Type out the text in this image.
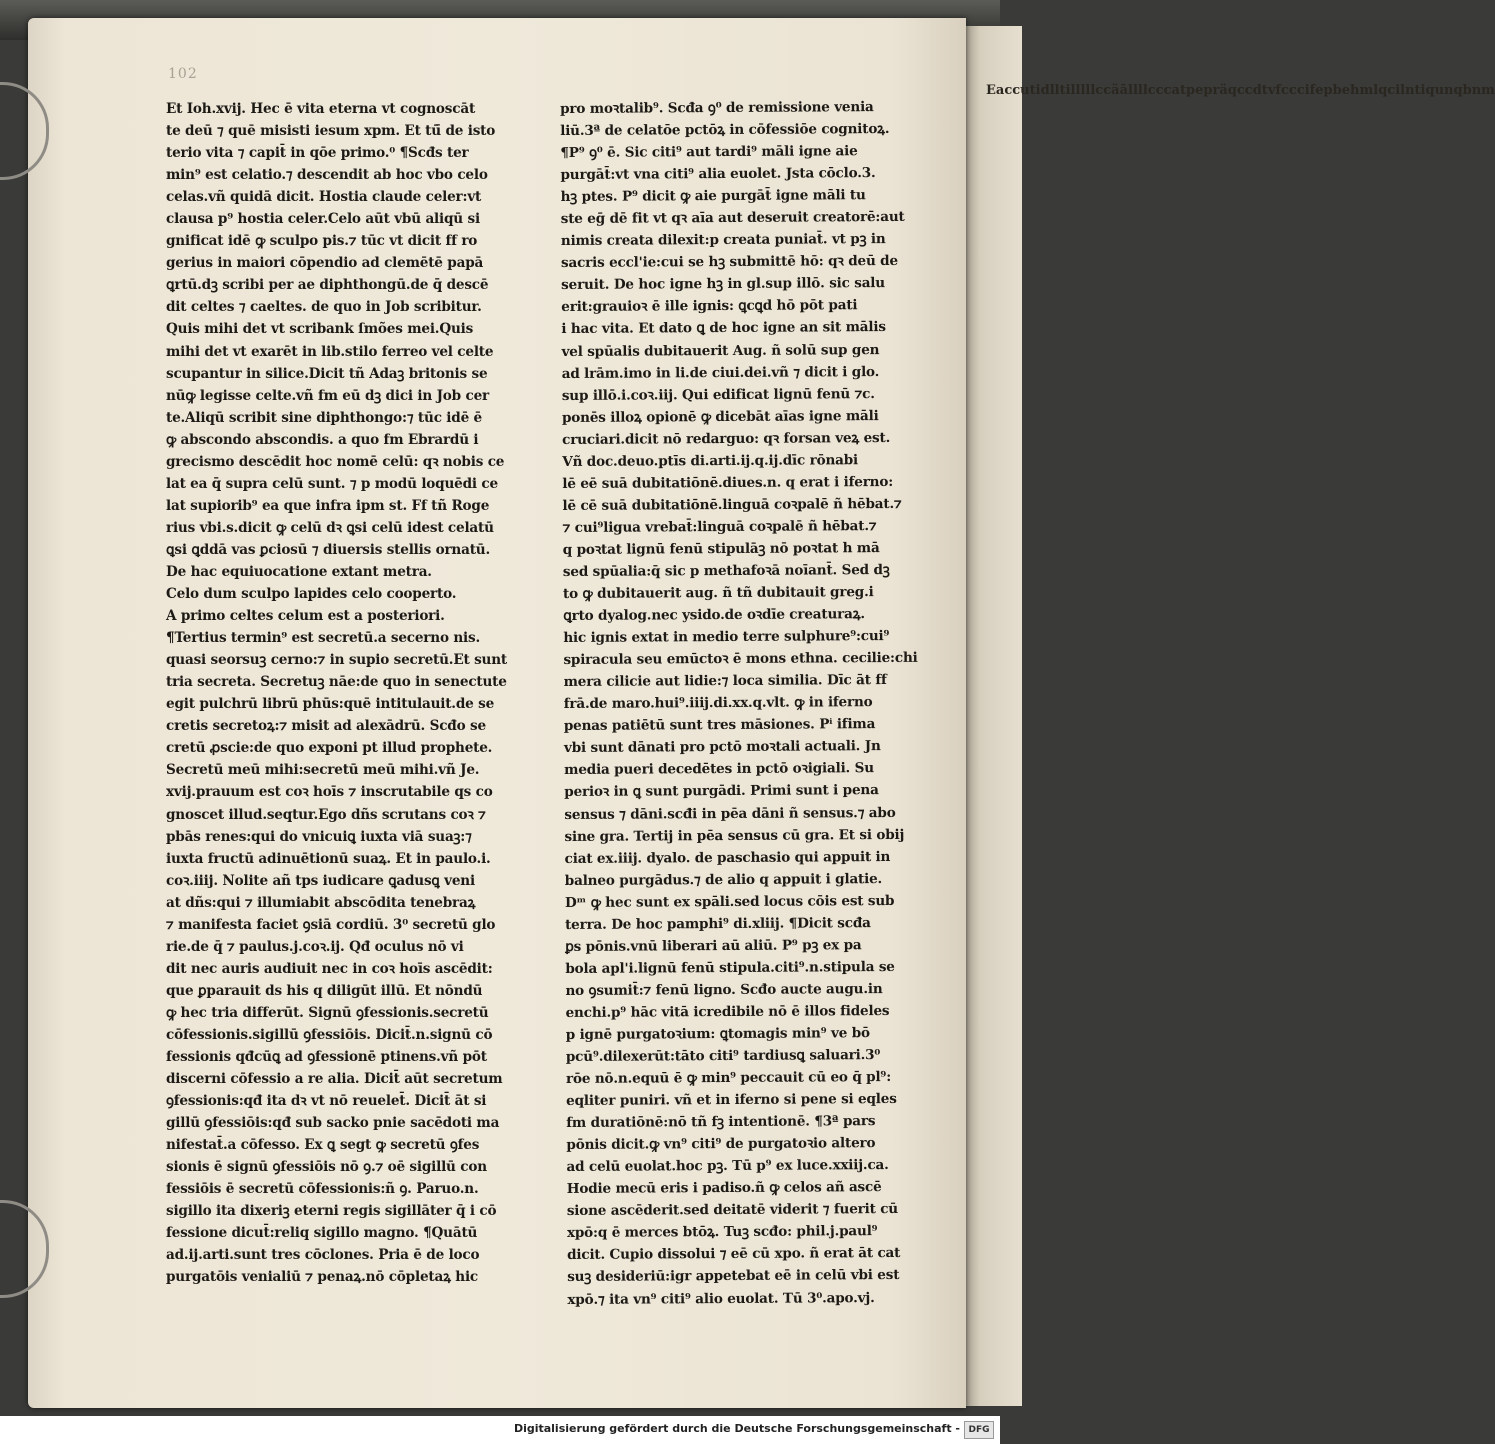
102
Et Ioh.xvij. Hec ē vita eterna vt cognoscāt
te deū ⁊ quē misisti iesum xpm. Et tū̄ de isto
terio vita ⁊ capit̄ in qōe primo.⁰ ¶Scđs ter
min⁹ est celatio.⁊ descendit ab hoc vbo celo
celas.vñ quidā dicit. Hostia claude celer:vt
clausa p⁹ hostia celer.Celo aūt vbū aliqū si
gnificat idē ꝙ sculpo pis.⁊ tūc vt dicit ff ro
gerius in maiori cōpendio ad clemētē papā
ꝗrtū.dꝫ scribi per ae diphthongū.de q̄ descē
dit celtes ⁊ caeltes. de quo in Job scribitur.
Quis mihi det vt scribank ſmões mei.Quis
mihi det vt exarēt in lib.stilo ferreo vel celte
scupantur in silice.Dicit tñ Adaꝫ britonis se
nūꝙ legisse celte.vñ fm eū dꝫ dici in Job cer
te.Aliqū scribit sine diphthongo:⁊ tūc idē ē
ꝙ abscondo abscondis. a quo fm Ebrardū i
grecismo descēdit hoc nomē celū: qꝛ nobis ce
lat ea q̄ supra celū sunt. ⁊ p modū loquēdi ce
lat supiorib⁹ ea que infra ipm st. Ff tñ Roge
rius vbi.s.dicit ꝙ celū dꝛ ꝗsi celū idest celatū
ꝗsi ꝗddā vas ꝑciosū ⁊ diuersis stellis ornatū.
De hac equiuocatione extant metra.
Celo dum sculpo lapides celo cooperto.
A primo celtes celum est a posteriori.
¶Tertius termin⁹ est secretū.a secerno nis.
quasi seorsuꝫ cerno:⁊ in supio secretū.Et sunt
tria secreta. Secretuꝫ nāe:de quo in senectute
egit pulchrū librū phūs:quē intitulauit.de se
cretis secretoꝝ:⁊ misit ad alexādrū. Scđo se
cretū ꝓscie:de quo exponi pt illud prophete.
Secretū meū mihi:secretū meū mihi.vñ Je.
xvij.prauum est coꝛ hoīs ⁊ inscrutabile qs co
gnoscet illud.seqtur.Ego dñs scrutans coꝛ ⁊
pbās renes:qui do vnicuiꝗ iuxta viā suaꝫ:⁊
iuxta fructū adinuētionū suaꝝ. Et in paulo.i.
coꝛ.iiij. Nolite añ tps iudicare ꝗadusꝗ veni
at dñs:qui ⁊ illumiabit abscōdita tenebraꝝ
⁊ manifesta faciet ꝯsiā cordiū. 3⁰ secretū glo
rie.de q̄ ⁊ paulus.j.coꝛ.ij. Qđ oculus nō vi
dit nec auris audiuit nec in coꝛ hoīs ascēdit:
que ꝑparauit ds his q diligūt illū. Et nōndū
ꝙ hec tria differūt. Signū ꝯfessionis.secretū
cōfessionis.sigillū ꝯfessiōis. Dicit̄.n.signū cō
fessionis qđcūꝗ ad ꝯfessionē ptinens.vñ pōt
discerni cōfessio a re alia. Dicit̄ aūt secretum
ꝯfessionis:qđ ita dꝛ vt nō reuelet̄. Dicit̄ āt si
gillū ꝯfessiōis:qđ sub sacko pnie sacēdoti ma
nifestat̄.a cōfesso. Ex ꝗ segt ꝙ secretū ꝯfes
sionis ē signū ꝯfessiōis nō ꝯ.⁊ oē sigillū con
fessiōis ē secretū cōfessionis:ñ ꝯ. Paruo.n.
sigillo ita dixeriꝫ eterni regis sigillāter q̄ i cō
fessione dicut̄:reliq sigillo magno. ¶Quātū
ad.ij.arti.sunt tres cōclones. Pria ē de loco
purgatōis venialiū ⁊ penaꝝ.nō cōpletaꝝ hic
pro moꝛtalib⁹. Scđa ꝯ⁰ de remissione venia
liū.3ª de celatōe pctōꝝ in cōfessiōe cognitoꝝ.
¶P⁹ ꝯ⁰ ē. Sic citi⁹ aut tardi⁹ māli igne aie
purgāt̄:vt vna citi⁹ alia euolet. Jsta cōclo.3.
hꝫ ptes. P⁹ dicit ꝙ aie purgāt̄ igne māli tu
ste eḡ dē fit vt qꝛ aīa aut deseruit creatorē:aut
nimis creata dilexit:p creata puniat̄. vt pꝫ in
sacris eccl'ie:cui se hꝫ submittē hō: qꝛ deū de
seruit. De hoc igne hꝫ in gl.sup illō. sic salu
erit:grauioꝛ ē ille ignis: ꝗcꝗd hō pōt pati
i hac vita. Et dato ꝗ de hoc igne an sit mālis
vel spūalis dubitauerit Aug. ñ solū sup gen
ad lrām.imo in li.de ciui.dei.vñ ⁊ dicit i glo.
sup illō.i.coꝛ.iij. Qui edificat lignū fenū ⁊c.
ponēs illoꝝ opionē ꝙ dicebāt aīas igne māli
cruciari.dicit nō redarguo: qꝛ forsan veꝝ est.
Vñ doc.deuo.ptīs di.arti.ij.q.ij.dīc rōnabi
lē eē suā dubitatiōnē.diues.n. q erat i iferno:
lē cē suā dubitatiōnē.linguā coꝛpalē ñ hēbat.⁊
⁊ cui⁹ligua vrebat̄:linguā coꝛpalē ñ hēbat.⁊
q poꝛtat lignū fenū stipulāꝫ nō poꝛtat h mā
sed spūalia:q̄ sic p methafoꝛā noīant̄. Sed dꝫ
to ꝙ dubitauerit aug. ñ tñ dubitauit greg.i
ꝗrto dyalog.nec ysido.de oꝛdīe creaturaꝝ.
hic ignis extat in medio terre sulphure⁹:cui⁹
spiracula seu emūctoꝛ ē mons ethna. cecilie:chi
mera cilicie aut lidie:⁊ loca similia. Dīc āt ff
frā.de maro.hui⁹.iiij.di.xx.q.vlt. ꝙ in iferno
penas patiētū sunt tres māsiones. Pⁱ ifima
vbi sunt dānati pro pctō moꝛtali actuali. Jn
media pueri decedētes in pctō oꝛigiali. Su
perioꝛ in ꝗ sunt purgādi. Primi sunt i pena
sensus ⁊ dāni.scđi in pēa dāni ñ sensus.⁊ abo
sine gra. Tertij in pēa sensus cū gra. Et si obij
ciat ex.iiij. dyalo. de paschasio qui appuit in
balneo purgādus.⁊ de alio q appuit i glatie.
Dᵐ ꝙ hec sunt ex spāli.sed locus cōis est sub
terra. De hoc pamphi⁹ di.xliij. ¶Dicit scđa
ꝑs pōnis.vnū liberari aū aliū. P⁹ pꝫ ex pa
bola apl'i.lignū fenū stipula.citi⁹.n.stipula se
no ꝯsumit̄:⁊ fenū ligno. Scđo aucte augu.in
enchi.p⁹ hāc vitā icredibile nō ē illos fideles
p ignē purgatoꝛium: ꝗtomagis min⁹ ve bō
pcū⁹.dilexerūt:tāto citi⁹ tardiusꝗ saluari.3⁰
rōe nō.n.equū ē ꝙ min⁹ peccauit cū eo q̄ pl⁹:
eqliter puniri. vñ et in iferno si pene si eqles
fm duratiōnē:nō tñ fꝫ intentionē. ¶3ª pars
pōnis dicit.ꝙ vn⁹ citi⁹ de purgatoꝛio altero
ad celū euolat.hoc pꝫ. Tū p⁹ ex luce.xxiij.ca.
Hodie mecū eris i padiso.ñ ꝙ celos añ ascē
sione ascēderit.sed deitatē viderit ⁊ fuerit cū
xpō:q ē merces btōꝝ. Tuꝫ scđo: phil.j.paul⁹
dicit. Cupio dissolui ⁊ eē cū xpo. ñ erat āt cat
suꝫ desideriū:igr appetebat eē in celū vbi est
xpō.⁊ ita vn⁹ citi⁹ alio euolat. Tū 3⁰.apo.vj.
Eaccutidlltilllllccäāllllcccatpepräqccdtvfcccifepbehmlqcilntiqunqbnm
Digitalisierung gefördert durch die Deutsche Forschungsgemeinschaft - DFG
